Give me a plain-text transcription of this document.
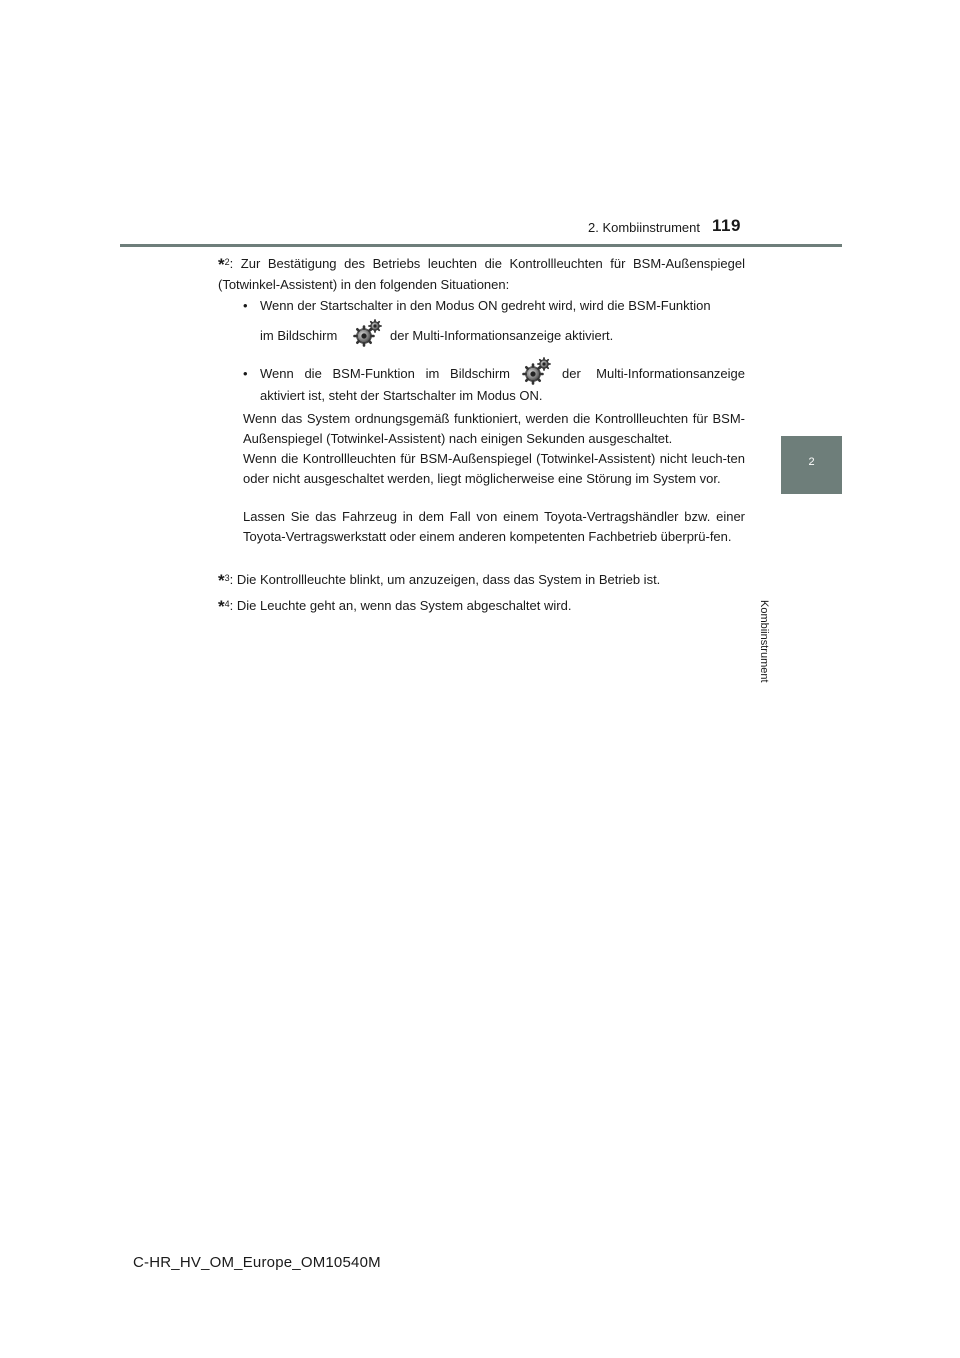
2. Kombiinstrument 119
2
Kombiinstrument
*$^2$: Zur Bestätigung des Betriebs leuchten die Kontrollleuchten für BSM-Außenspiegel (Totwinkel-Assistent) in den folgenden Situationen:
• Wenn der Startschalter in den Modus ON gedreht wird, wird die BSM-Funktion
im Bildschirm	der Multi-Informationsanzeige aktiviert.
• Wenn die BSM-Funktion im Bildschirm	der Multi-Informationsanzeige
aktiviert ist, steht der Startschalter im Modus ON.
Wenn das System ordnungsgemäß funktioniert, werden die Kontrollleuchten für BSM-Außenspiegel (Totwinkel-Assistent) nach einigen Sekunden ausgeschaltet.
Wenn die Kontrollleuchten für BSM-Außenspiegel (Totwinkel-Assistent) nicht leuch-ten oder nicht ausgeschaltet werden, liegt möglicherweise eine Störung im System vor.
Lassen Sie das Fahrzeug in dem Fall von einem Toyota-Vertragshändler bzw. einer Toyota-Vertragswerkstatt oder einem anderen kompetenten Fachbetrieb überprü-fen.
*$^3$: Die Kontrollleuchte blinkt, um anzuzeigen, dass das System in Betrieb ist.
*$^4$: Die Leuchte geht an, wenn das System abgeschaltet wird.
C-HR_HV_OM_Europe_OM10540M
